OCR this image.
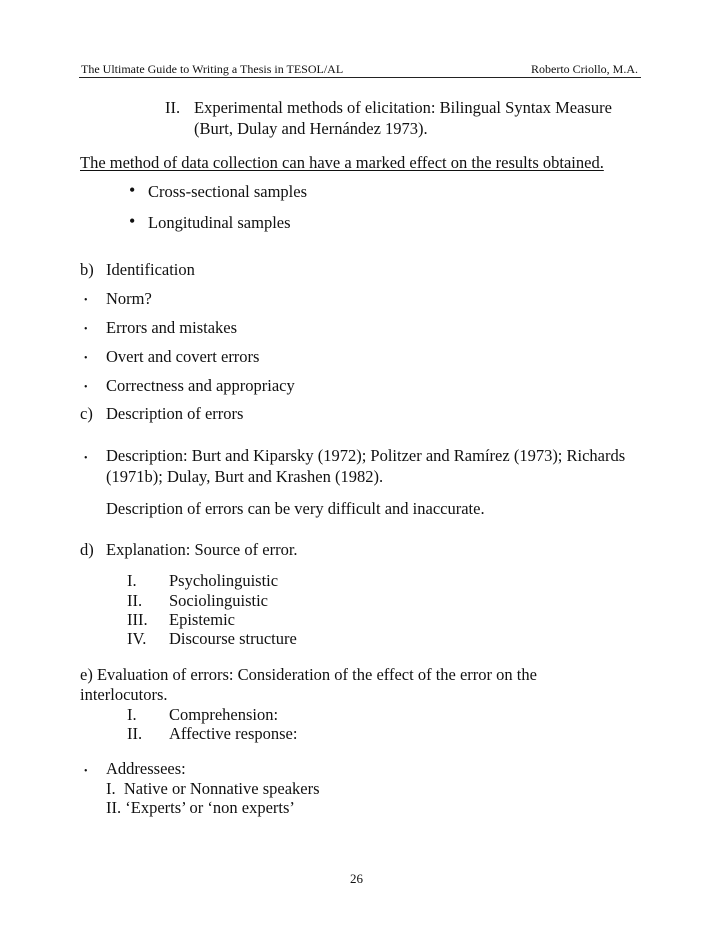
The Ultimate Guide to Writing a Thesis in TESOL/AL	Roberto Criollo, M.A.
II. Experimental methods of elicitation: Bilingual Syntax Measure
(Burt, Dulay and Hernández 1973).
The method of data collection can have a marked effect on the results obtained.
• Cross-sectional samples
• Longitudinal samples
b) Identification
• Norm?
• Errors and mistakes
• Overt and covert errors
• Correctness and appropriacy
c) Description of errors
• Description: Burt and Kiparsky (1972); Politzer and Ramírez (1973); Richards
(1971b); Dulay, Burt and Krashen (1982).
Description of errors can be very difficult and inaccurate.
d) Explanation: Source of error.
I. Psycholinguistic
II. Sociolinguistic
III. Epistemic
IV. Discourse structure
e) Evaluation of errors: Consideration of the effect of the error on the
interlocutors.
I. Comprehension:
II. Affective response:
• Addressees:
I.  Native or Nonnative speakers
II. ‘Experts’ or ‘non experts’
26
